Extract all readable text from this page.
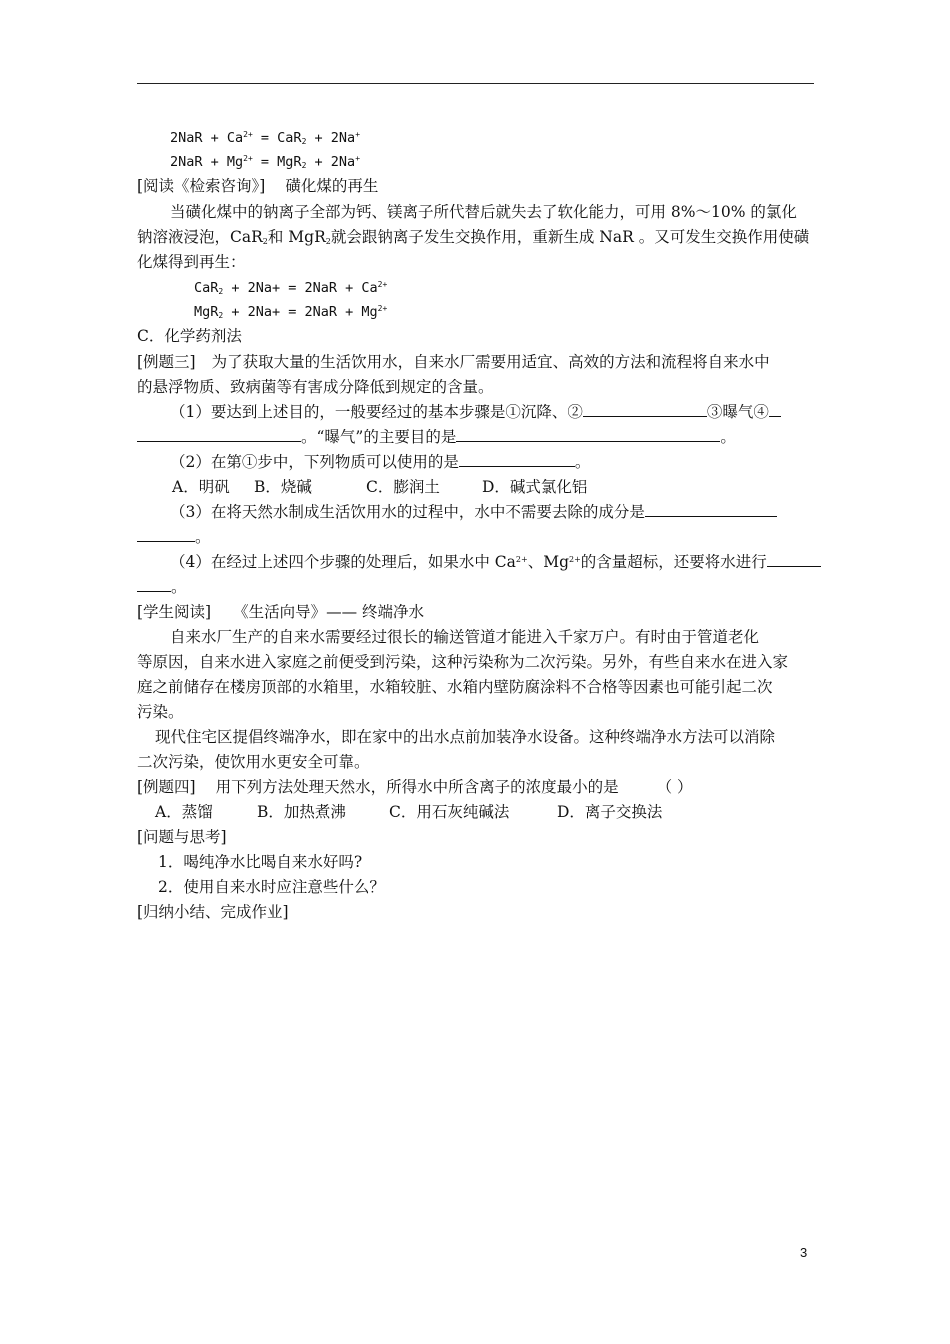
$2NaR + Ca^{2+} = CaR_2 + 2Na^+$
$2NaR + Mg^{2+} = MgR_2 + 2Na^+$
[阅读《检索咨询》] 磺化煤的再生
当磺化煤中的钠离子全部为钙、镁离子所代替后就失去了软化能力，可用 8%～10% 的氯化
钠溶液浸泡，CaR$_2$和 MgR$_2$就会跟钠离子发生交换作用，重新生成 NaR 。又可发生交换作用使磺
化煤得到再生：
$CaR_2 + 2Na+ = 2NaR + Ca^{2+}$
$MgR_2 + 2Na+ = 2NaR + Mg^{2+}$
C．化学药剂法
[例题三] 为了获取大量的生活饮用水，自来水厂需要用适宜、高效的方法和流程将自来水中
的悬浮物质、致病菌等有害成分降低到规定的含量。
（1）要达到上述目的，一般要经过的基本步骤是①沉降、②	③曝气④
。“曝气”的主要目的是	。
（2）在第①步中，下列物质可以使用的是	。
A．明矾 B．烧碱	C．膨润土	D．碱式氯化铝
（3）在将天然水制成生活饮用水的过程中，水中不需要去除的成分是
。
（4）在经过上述四个步骤的处理后，如果水中 $Ca^{2+}$、$Mg^{2+}$的含量超标，还要将水进行
。
[学生阅读] 《生活向导》—— 终端净水
自来水厂生产的自来水需要经过很长的输送管道才能进入千家万户。有时由于管道老化
等原因，自来水进入家庭之前便受到污染，这种污染称为二次污染。另外，有些自来水在进入家
庭之前储存在楼房顶部的水箱里，水箱较脏、水箱内壁防腐涂料不合格等因素也可能引起二次
污染。
现代住宅区提倡终端净水，即在家中的出水点前加装净水设备。这种终端净水方法可以消除
二次污染，使饮用水更安全可靠。
[例题四] 用下列方法处理天然水，所得水中所含离子的浓度最小的是 （ ）
A．蒸馏	B．加热煮沸	C．用石灰纯碱法	D．离子交换法
[问题与思考]
1．喝纯净水比喝自来水好吗?
2．使用自来水时应注意些什么？
[归纳小结、完成作业]
3
